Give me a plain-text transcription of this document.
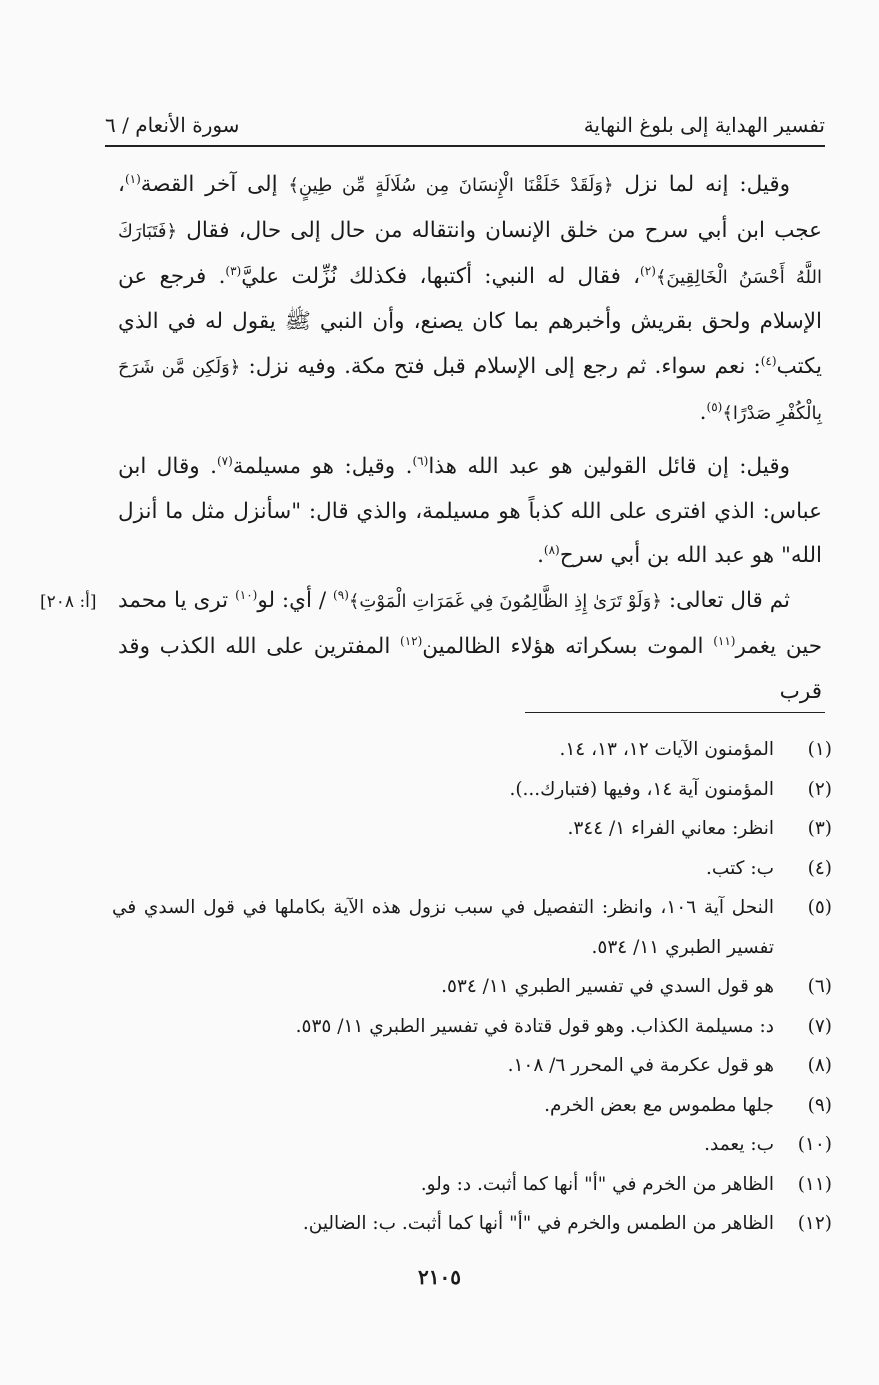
تفسير الهداية إلى بلوغ النهاية
سورة الأنعام / ٦

وقيل: إنه لما نزل ﴿وَلَقَدْ خَلَقْنَا الْإِنسَانَ مِن سُلَالَةٍ مِّن طِينٍ﴾ إلى آخر القصة$^{(١)}$، عجب ابن أبي سرح من خلق الإنسان وانتقاله من حال إلى حال، فقال ﴿فَتَبَارَكَ اللَّهُ أَحْسَنُ الْخَالِقِينَ﴾$^{(٢)}$، فقال له النبي: أكتبها، فكذلك نُزِّلت عليَّ$^{(٣)}$. فرجع عن الإسلام ولحق بقريش وأخبرهم بما كان يصنع، وأن النبي ﷺ يقول له في الذي يكتب$^{(٤)}$: نعم سواء. ثم رجع إلى الإسلام قبل فتح مكة. وفيه نزل: ﴿وَلَكِن مَّن شَرَحَ بِالْكُفْرِ صَدْرًا﴾$^{(٥)}$.

وقيل: إن قائل القولين هو عبد الله هذا$^{(٦)}$. وقيل: هو مسيلمة$^{(٧)}$. وقال ابن عباس: الذي افترى على الله كذباً هو مسيلمة، والذي قال: "سأنزل مثل ما أنزل الله" هو عبد الله بن أبي سرح$^{(٨)}$.

ثم قال تعالى: ﴿وَلَوْ تَرَىٰ إِذِ الظَّالِمُونَ فِي غَمَرَاتِ الْمَوْتِ﴾$^{(٩)}$ / أي: لو$^{(١٠)}$ ترى يا محمد حين يغمر$^{(١١)}$ الموت بسكراته هؤلاء الظالمين$^{(١٢)}$ المفترين على الله الكذب وقد قرب

[أ: ٢٠٨]
(١)
المؤمنون الآيات ١٢، ١٣، ١٤.
(٢)
المؤمنون آية ١٤، وفيها (فتبارك...).
(٣)
انظر: معاني الفراء ١/ ٣٤٤.
(٤)
ب: كتب.
(٥)
النحل آية ١٠٦، وانظر: التفصيل في سبب نزول هذه الآية بكاملها في قول السدي في تفسير الطبري ١١/ ٥٣٤.
(٦)
هو قول السدي في تفسير الطبري ١١/ ٥٣٤.
(٧)
د: مسيلمة الكذاب. وهو قول قتادة في تفسير الطبري ١١/ ٥٣٥.
(٨)
هو قول عكرمة في المحرر ٦/ ١٠٨.
(٩)
جلها مطموس مع بعض الخرم.
(١٠)
ب: يعمد.
(١١)
الظاهر من الخرم في "أ" أنها كما أثبت. د: ولو.
(١٢)
الظاهر من الطمس والخرم في "أ" أنها كما أثبت. ب: الضالين.
٢١٠٥
